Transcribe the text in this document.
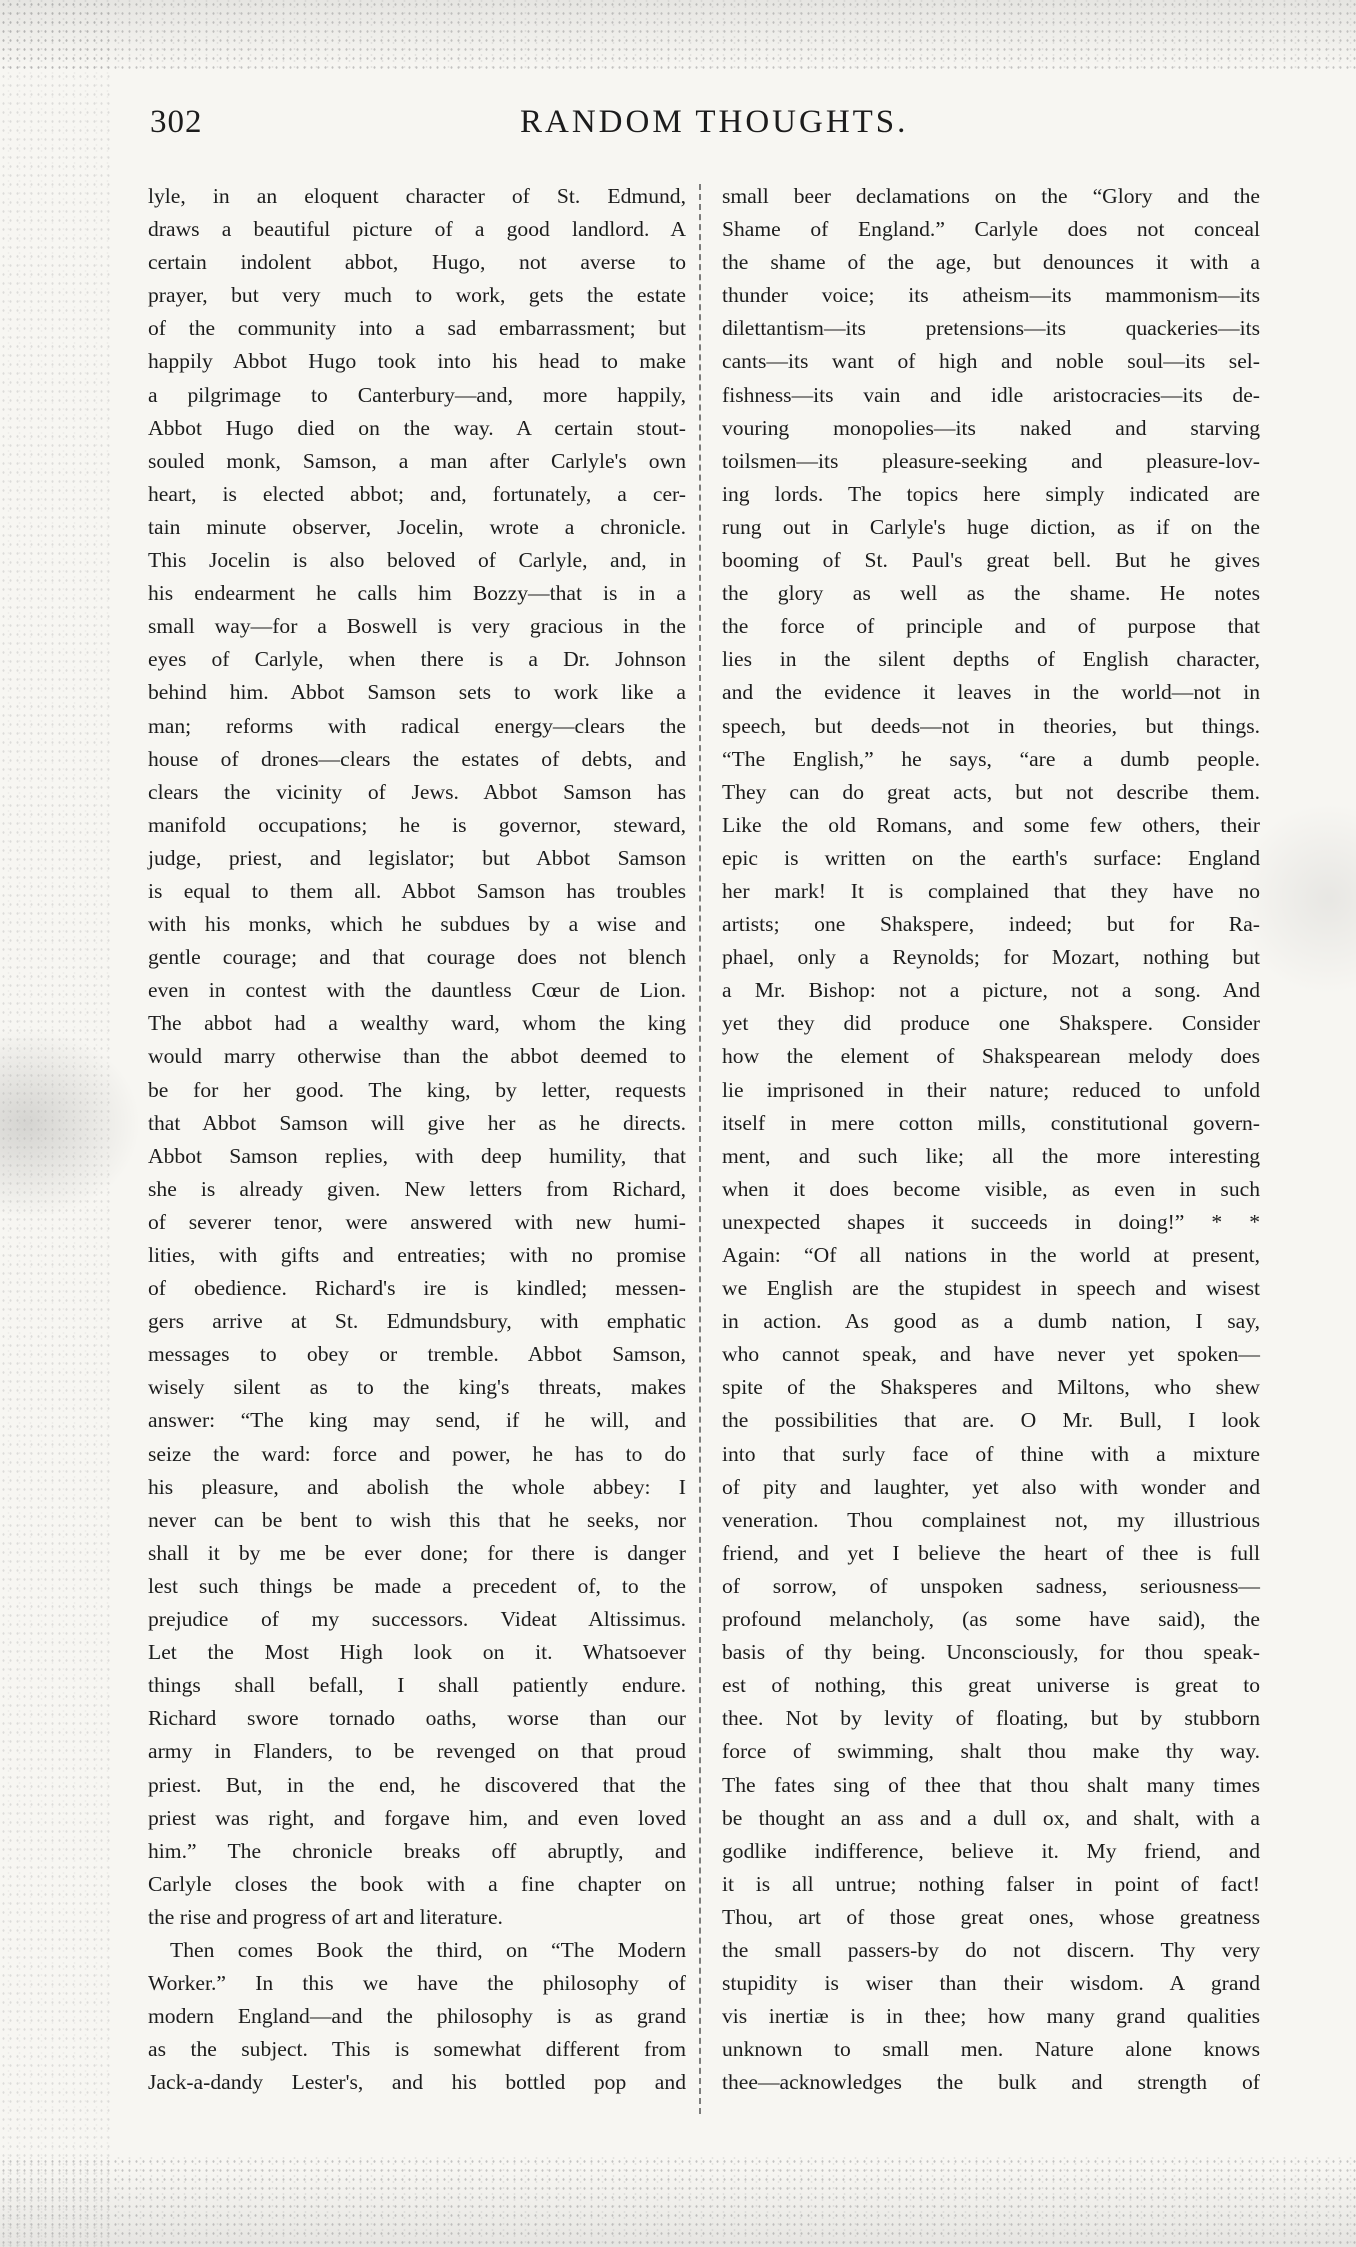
302	RANDOM THOUGHTS.
lyle, in an eloquent character of St. Edmund,
draws a beautiful picture of a good landlord. A
certain indolent abbot, Hugo, not averse to
prayer, but very much to work, gets the estate
of the community into a sad embarrassment; but
happily Abbot Hugo took into his head to make
a pilgrimage to Canterbury—and, more happily,
Abbot Hugo died on the way. A certain stout-
souled monk, Samson, a man after Carlyle's own
heart, is elected abbot; and, fortunately, a cer-
tain minute observer, Jocelin, wrote a chronicle.
This Jocelin is also beloved of Carlyle, and, in
his endearment he calls him Bozzy—that is in a
small way—for a Boswell is very gracious in the
eyes of Carlyle, when there is a Dr. Johnson
behind him. Abbot Samson sets to work like a
man; reforms with radical energy—clears the
house of drones—clears the estates of debts, and
clears the vicinity of Jews. Abbot Samson has
manifold occupations; he is governor, steward,
judge, priest, and legislator; but Abbot Samson
is equal to them all. Abbot Samson has troubles
with his monks, which he subdues by a wise and
gentle courage; and that courage does not blench
even in contest with the dauntless Cœur de Lion.
The abbot had a wealthy ward, whom the king
would marry otherwise than the abbot deemed to
be for her good. The king, by letter, requests
that Abbot Samson will give her as he directs.
Abbot Samson replies, with deep humility, that
she is already given. New letters from Richard,
of severer tenor, were answered with new humi-
lities, with gifts and entreaties; with no promise
of obedience. Richard's ire is kindled; messen-
gers arrive at St. Edmundsbury, with emphatic
messages to obey or tremble. Abbot Samson,
wisely silent as to the king's threats, makes
answer: “The king may send, if he will, and
seize the ward: force and power, he has to do
his pleasure, and abolish the whole abbey: I
never can be bent to wish this that he seeks, nor
shall it by me be ever done; for there is danger
lest such things be made a precedent of, to the
prejudice of my successors. Videat Altissimus.
Let the Most High look on it. Whatsoever
things shall befall, I shall patiently endure.
Richard swore tornado oaths, worse than our
army in Flanders, to be revenged on that proud
priest. But, in the end, he discovered that the
priest was right, and forgave him, and even loved
him.” The chronicle breaks off abruptly, and
Carlyle closes the book with a fine chapter on
the rise and progress of art and literature.
Then comes Book the third, on “The Modern
Worker.” In this we have the philosophy of
modern England—and the philosophy is as grand
as the subject. This is somewhat different from
Jack-a-dandy Lester's, and his bottled pop and
small beer declamations on the “Glory and the
Shame of England.” Carlyle does not conceal
the shame of the age, but denounces it with a
thunder voice; its atheism—its mammonism—its
dilettantism—its pretensions—its quackeries—its
cants—its want of high and noble soul—its sel-
fishness—its vain and idle aristocracies—its de-
vouring monopolies—its naked and starving
toilsmen—its pleasure-seeking and pleasure-lov-
ing lords. The topics here simply indicated are
rung out in Carlyle's huge diction, as if on the
booming of St. Paul's great bell. But he gives
the glory as well as the shame. He notes
the force of principle and of purpose that
lies in the silent depths of English character,
and the evidence it leaves in the world—not in
speech, but deeds—not in theories, but things.
“The English,” he says, “are a dumb people.
They can do great acts, but not describe them.
Like the old Romans, and some few others, their
epic is written on the earth's surface: England
her mark! It is complained that they have no
artists; one Shakspere, indeed; but for Ra-
phael, only a Reynolds; for Mozart, nothing but
a Mr. Bishop: not a picture, not a song. And
yet they did produce one Shakspere. Consider
how the element of Shakspearean melody does
lie imprisoned in their nature; reduced to unfold
itself in mere cotton mills, constitutional govern-
ment, and such like; all the more interesting
when it does become visible, as even in such
unexpected shapes it succeeds in doing!” * *
Again: “Of all nations in the world at present,
we English are the stupidest in speech and wisest
in action. As good as a dumb nation, I say,
who cannot speak, and have never yet spoken—
spite of the Shaksperes and Miltons, who shew
the possibilities that are. O Mr. Bull, I look
into that surly face of thine with a mixture
of pity and laughter, yet also with wonder and
veneration. Thou complainest not, my illustrious
friend, and yet I believe the heart of thee is full
of sorrow, of unspoken sadness, seriousness—
profound melancholy, (as some have said), the
basis of thy being. Unconsciously, for thou speak-
est of nothing, this great universe is great to
thee. Not by levity of floating, but by stubborn
force of swimming, shalt thou make thy way.
The fates sing of thee that thou shalt many times
be thought an ass and a dull ox, and shalt, with a
godlike indifference, believe it. My friend, and
it is all untrue; nothing falser in point of fact!
Thou, art of those great ones, whose greatness
the small passers-by do not discern. Thy very
stupidity is wiser than their wisdom. A grand
vis inertiæ is in thee; how many grand qualities
unknown to small men. Nature alone knows
thee—acknowledges the bulk and strength of
